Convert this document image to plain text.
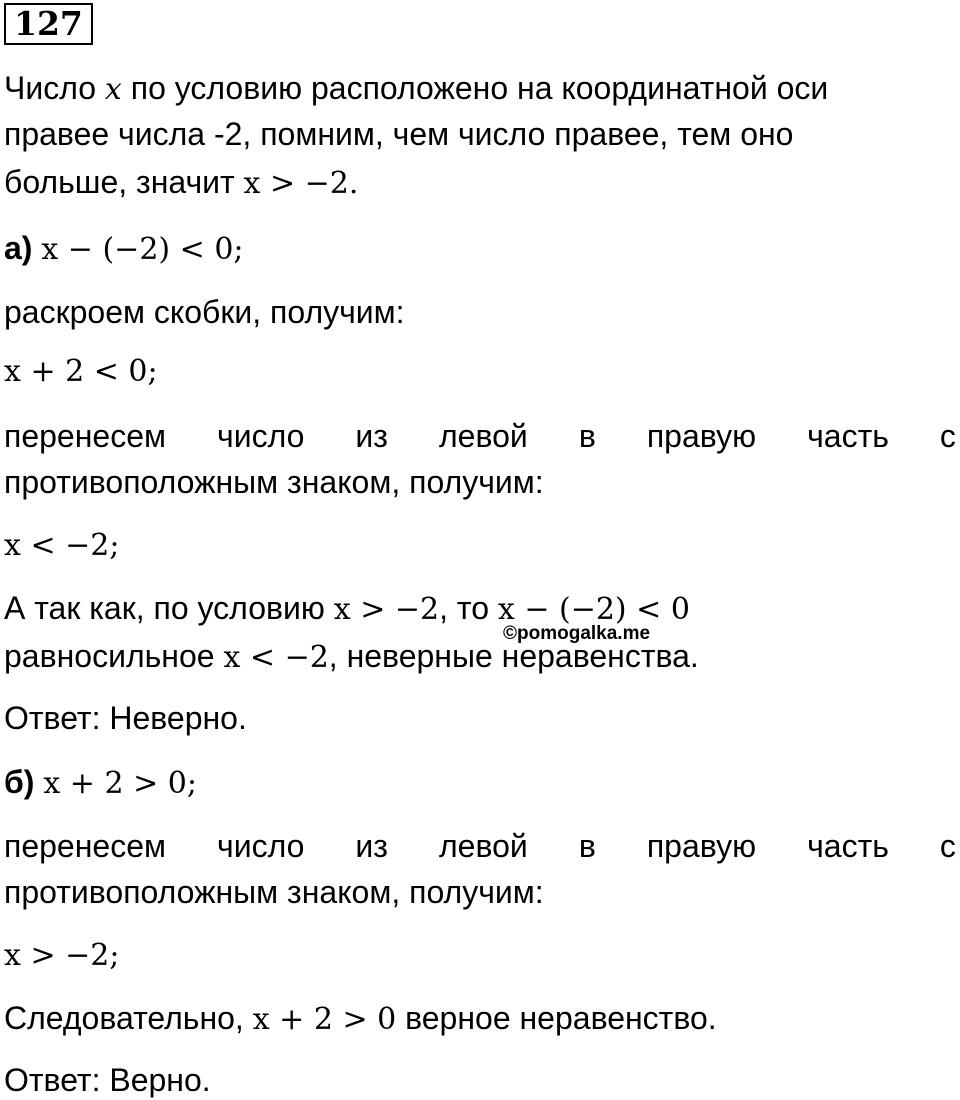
127
Число x по условию расположено на координатной оси
правее числа -2, помним, чем число правее, тем оно
больше, значит x > −2.
а) x − (−2) < 0;
раскроем скобки, получим:
x + 2 < 0;
перенесем число из левой в правую часть с
противоположным знаком, получим:
x < −2;
А так как, по условию x > −2, то x − (−2) < 0
©pomogalka.me
равносильное x < −2, неверные неравенства.
Ответ: Неверно.
б) x + 2 > 0;
перенесем число из левой в правую часть с
противоположным знаком, получим:
x > −2;
Следовательно, x + 2 > 0 верное неравенство.
Ответ: Верно.
